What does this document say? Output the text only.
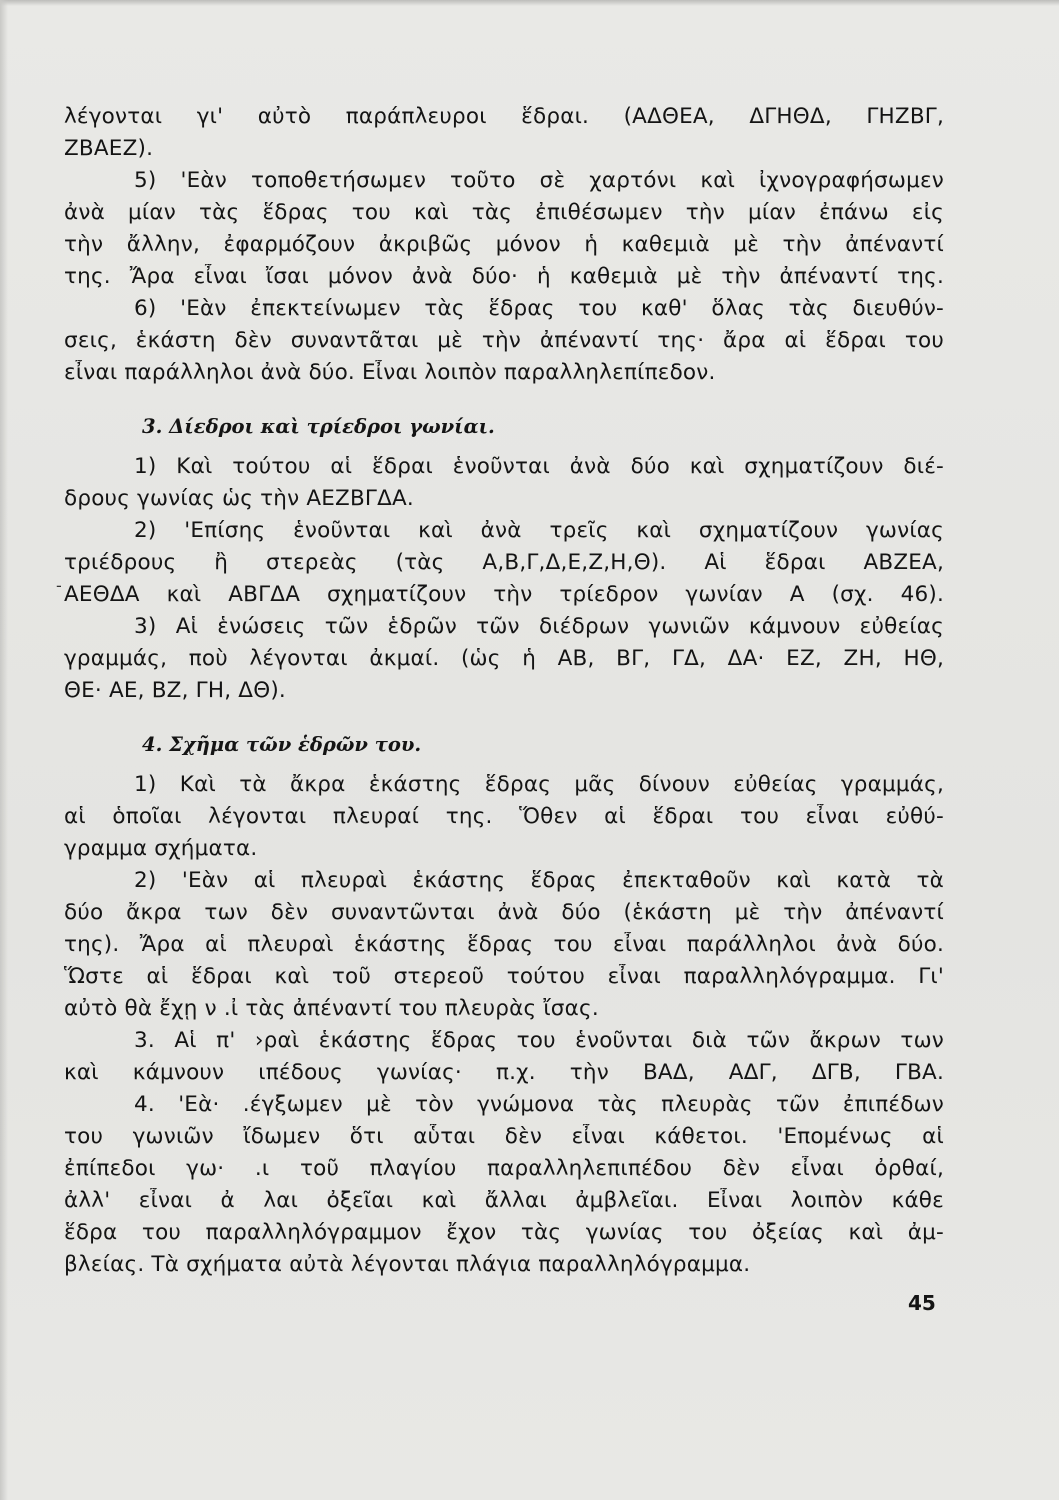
λέγονται γι' αὐτὸ παράπλευροι ἕδραι. (ΑΔΘΕΑ, ΔΓΗΘΔ, ΓΗΖΒΓ,
ΖΒΑΕΖ).
5) 'Εὰν τοποθετήσωμεν τοῦτο σὲ χαρτόνι καὶ ἰχνογραφήσωμεν
ἀνὰ μίαν τὰς ἕδρας του καὶ τὰς ἐπιθέσωμεν τὴν μίαν ἐπάνω εἰς
τὴν ἄλλην, ἐφαρμόζουν ἀκριβῶς μόνον ἡ καθεμιὰ μὲ τὴν ἀπέναντί
της. Ἄρα εἶναι ἴσαι μόνον ἀνὰ δύο· ἡ καθεμιὰ μὲ τὴν ἀπέναντί της.
6) 'Εὰν ἐπεκτείνωμεν τὰς ἕδρας του καθ' ὅλας τὰς διευθύν-
σεις, ἑκάστη δὲν συναντᾶται μὲ τὴν ἀπέναντί της· ἄρα αἱ ἕδραι του
εἶναι παράλληλοι ἀνὰ δύο. Εἶναι λοιπὸν παραλληλεπίπεδον.
3. Δίεδροι καὶ τρίεδροι γωνίαι.
1) Καὶ τούτου αἱ ἕδραι ἑνοῦνται ἀνὰ δύο καὶ σχηματίζουν διέ-
δρους γωνίας ὡς τὴν ΑΕΖΒΓΔΑ.
2) 'Επίσης ἑνοῦνται καὶ ἀνὰ τρεῖς καὶ σχηματίζουν γωνίας
τριέδρους ἢ στερεὰς (τὰς Α,Β,Γ,Δ,Ε,Ζ,Η,Θ). Αἱ ἕδραι ΑΒΖΕΑ,
ΑΕΘΔΑ καὶ ΑΒΓΔΑ σχηματίζουν τὴν τρίεδρον γωνίαν Α (σχ. 46).
3) Αἱ ἑνώσεις τῶν ἑδρῶν τῶν διέδρων γωνιῶν κάμνουν εὐθείας
γραμμάς, ποὺ λέγονται ἀκμαί. (ὡς ἡ ΑΒ, ΒΓ, ΓΔ, ΔΑ· ΕΖ, ΖΗ, ΗΘ,
ΘΕ· ΑΕ, ΒΖ, ΓΗ, ΔΘ).
4. Σχῆμα τῶν ἑδρῶν του.
1) Καὶ τὰ ἄκρα ἑκάστης ἕδρας μᾶς δίνουν εὐθείας γραμμάς,
αἱ ὁποῖαι λέγονται πλευραί της. Ὅθεν αἱ ἕδραι του εἶναι εὐθύ-
γραμμα σχήματα.
2) 'Εὰν αἱ πλευραὶ ἑκάστης ἕδρας ἐπεκταθοῦν καὶ κατὰ τὰ
δύο ἄκρα των δὲν συναντῶνται ἀνὰ δύο (ἑκάστη μὲ τὴν ἀπέναντί
της). Ἄρα αἱ πλευραὶ ἑκάστης ἕδρας του εἶναι παράλληλοι ἀνὰ δύο.
Ὥστε αἱ ἕδραι καὶ τοῦ στερεοῦ τούτου εἶναι παραλληλόγραμμα. Γι'
αὐτὸ θὰ ἔχῃ ν .ἰ τὰς ἀπέναντί του πλευρὰς ἴσας.
3. Αἱ π' ›ραὶ ἑκάστης ἕδρας του ἑνοῦνται διὰ τῶν ἄκρων των
καὶ κάμνουν ιπέδους γωνίας· π.χ. τὴν ΒΑΔ, ΑΔΓ, ΔΓΒ, ΓΒΑ.
4. 'Εὰ· .έγξωμεν μὲ τὸν γνώμονα τὰς πλευρὰς τῶν ἐπιπέδων
του γωνιῶν ἴδωμεν ὅτι αὗται δὲν εἶναι κάθετοι. 'Επομένως αἱ
ἐπίπεδοι γω· .ι τοῦ πλαγίου παραλληλεπιπέδου δὲν εἶναι ὀρθαί,
ἀλλ' εἶναι ἀ λαι ὀξεῖαι καὶ ἄλλαι ἀμβλεῖαι. Εἶναι λοιπὸν κάθε
ἕδρα του παραλληλόγραμμον ἔχον τὰς γωνίας του ὀξείας καὶ ἀμ-
βλείας. Τὰ σχήματα αὐτὰ λέγονται πλάγια παραλληλόγραμμα.
-
45
